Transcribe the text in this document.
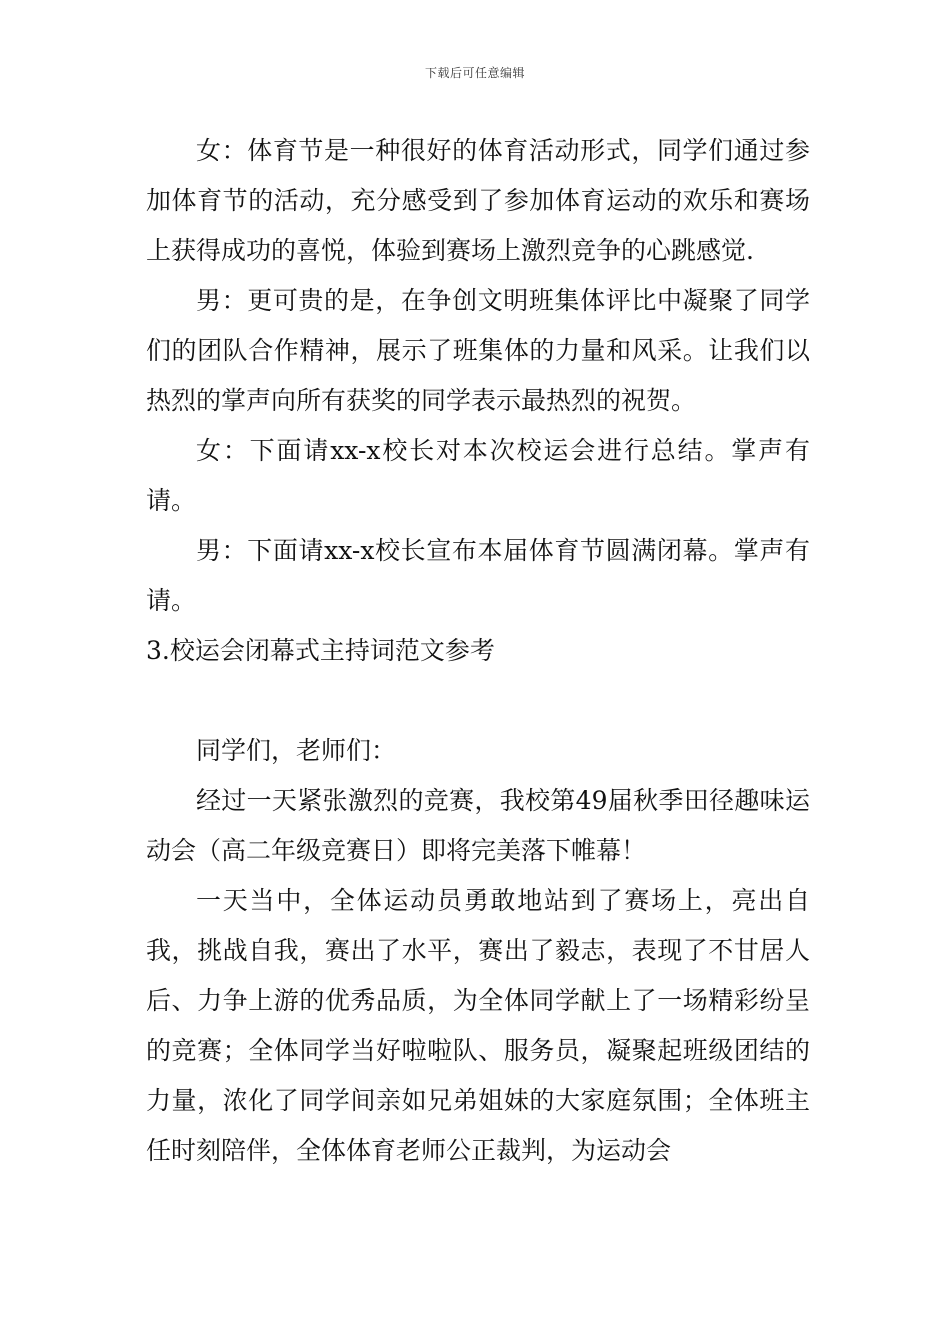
下载后可任意编辑

女：体育节是一种很好的体育活动形式，同学们通过参加体育节的活动，充分感受到了参加体育运动的欢乐和赛场上获得成功的喜悦，体验到赛场上激烈竞争的心跳感觉.

男：更可贵的是，在争创文明班集体评比中凝聚了同学们的团队合作精神，展示了班集体的力量和风采。让我们以热烈的掌声向所有获奖的同学表示最热烈的祝贺。

女：下面请xx-x校长对本次校运会进行总结。掌声有请。

男：下面请xx-x校长宣布本届体育节圆满闭幕。掌声有请。

3.校运会闭幕式主持词范文参考

同学们，老师们：

经过一天紧张激烈的竞赛，我校第49届秋季田径趣味运动会（高二年级竞赛日）即将完美落下帷幕！

一天当中，全体运动员勇敢地站到了赛场上，亮出自我，挑战自我，赛出了水平，赛出了毅志，表现了不甘居人后、力争上游的优秀品质，为全体同学献上了一场精彩纷呈的竞赛；全体同学当好啦啦队、服务员，凝聚起班级团结的力量，浓化了同学间亲如兄弟姐妹的大家庭氛围；全体班主任时刻陪伴，全体体育老师公正裁判，为运动会
